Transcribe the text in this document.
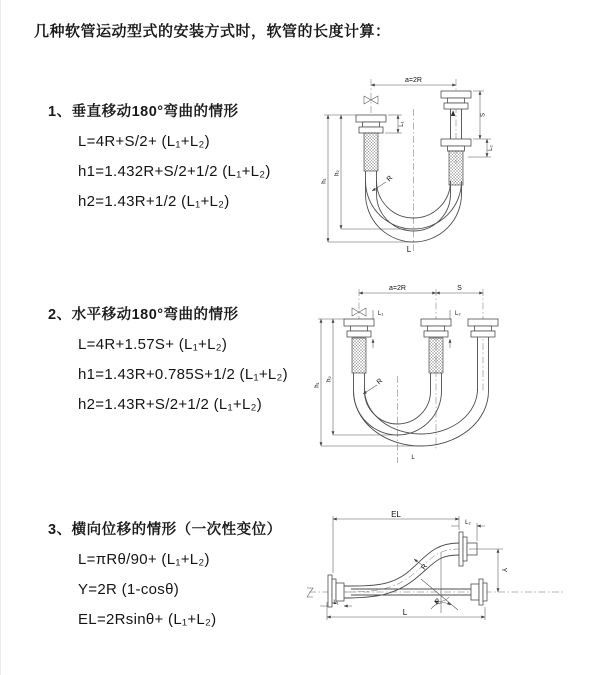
几种软管运动型式的安装方式时，软管的长度计算：
1、垂直移动180°弯曲的情形
L=4R+S/2+ (L₁+L₂)
h1=1.432R+S/2+1/2 (L₁+L₂)
h2=1.43R+1/2 (L₁+L₂)
2、水平移动180°弯曲的情形
L=4R+1.57S+ (L₁+L₂)
h1=1.43R+0.785S+1/2 (L₁+L₂)
h2=1.43R+S/2+1/2 (L₁+L₂)
3、横向位移的情形（一次性变位）
L=πRθ/90+ (L₁+L₂)
Y=2R (1-cosθ)
EL=2Rsinθ+ (L₁+L₂)
a=2R
h₁
h₂
L₁
S
L₂
R
L
a=2R	S
L₁	L₂
h₁
h₂	R
L
EL
L₂
Y
θ
R
L₁
L
